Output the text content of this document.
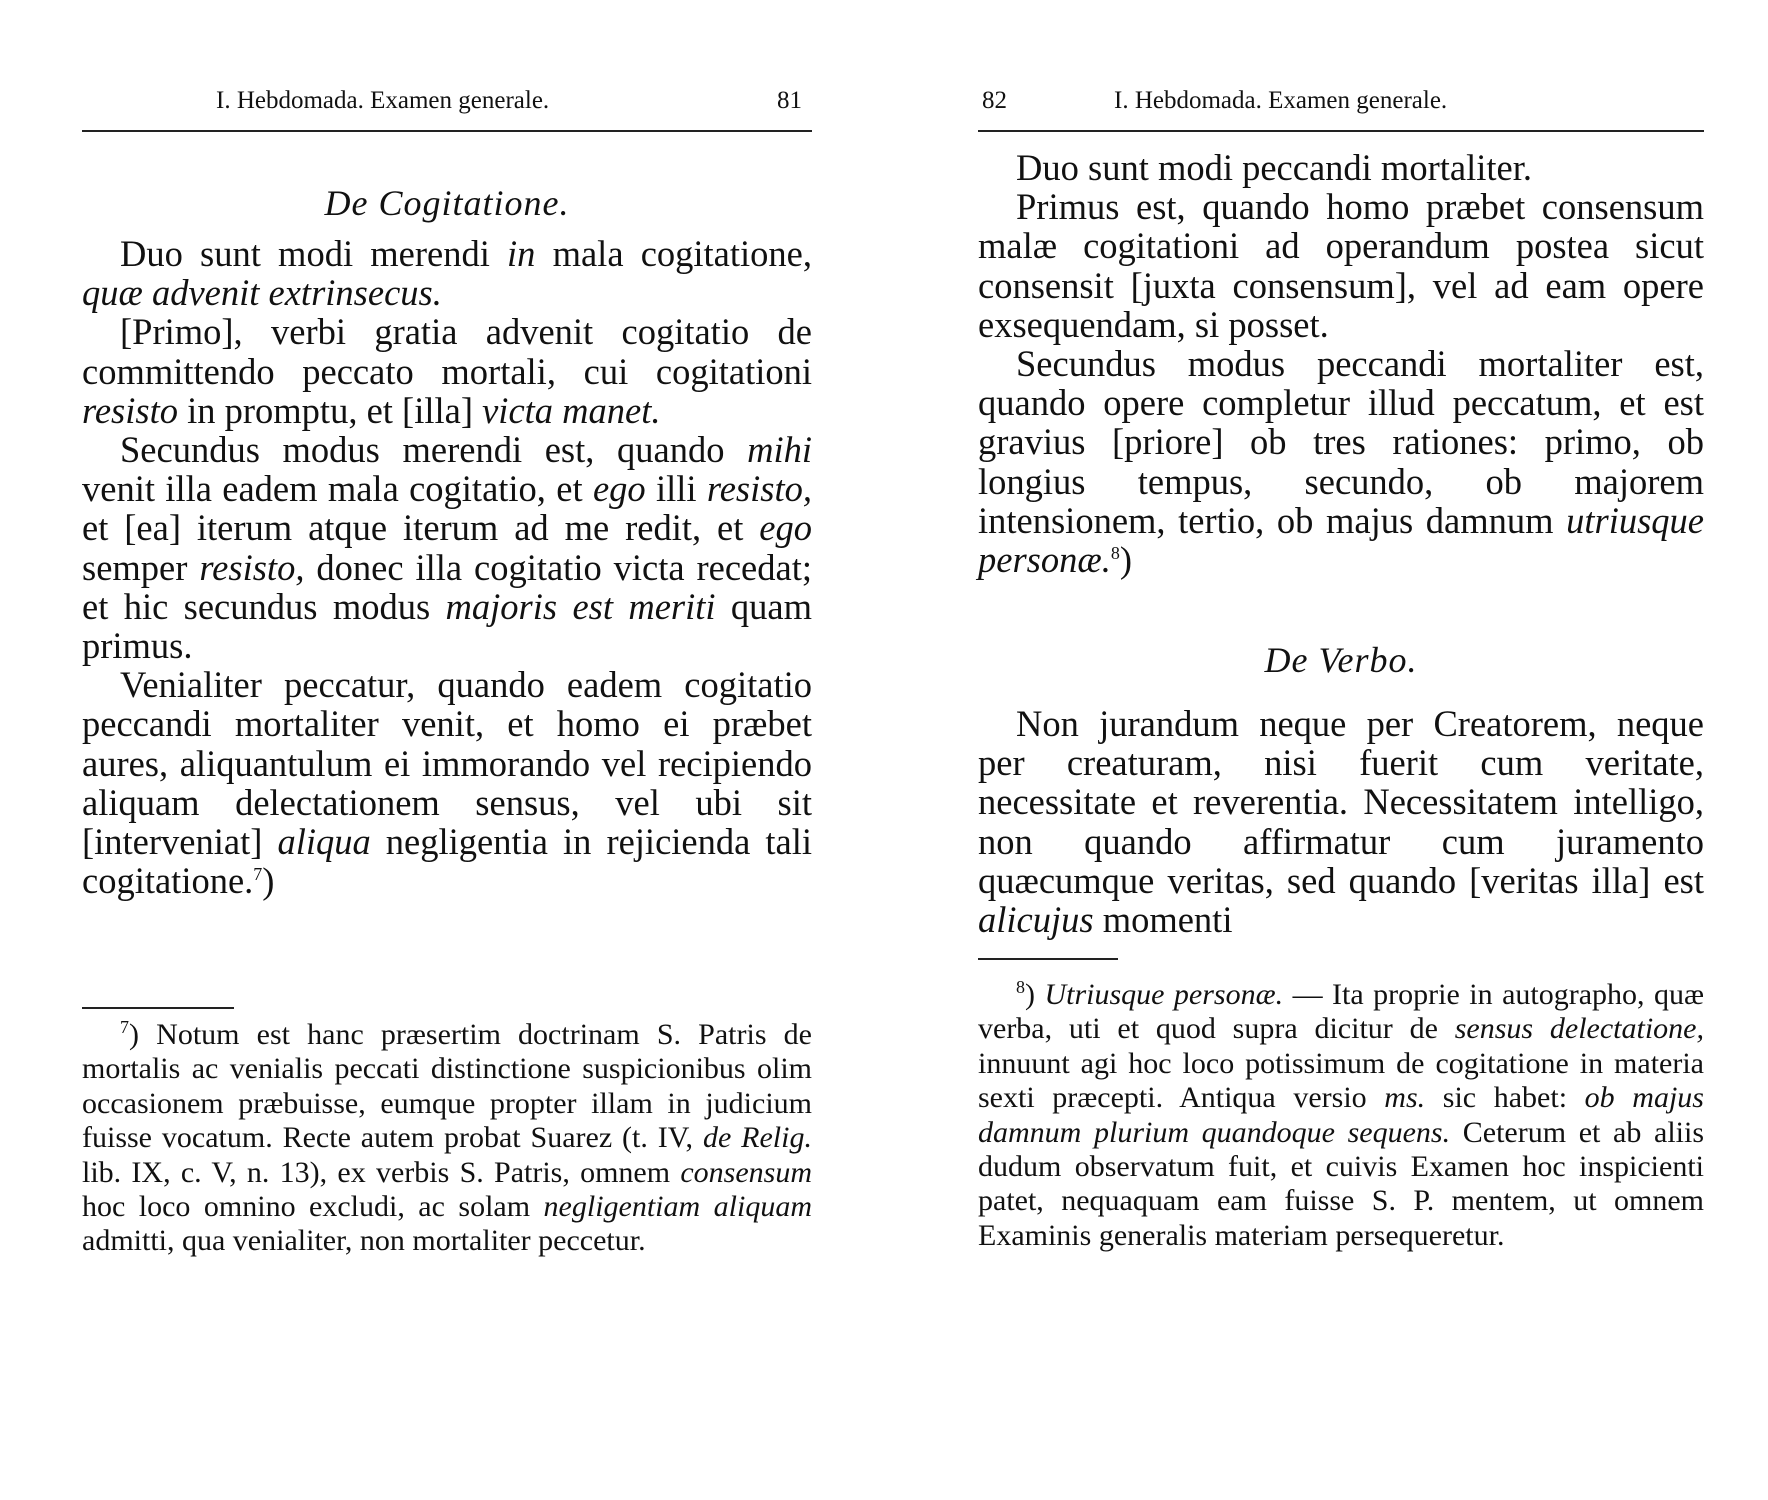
I. Hebdomada. Examen generale.	81
De Cogitatione.

Duo sunt modi merendi in mala cogitatione, quæ advenit extrinsecus.

[Primo], verbi gratia advenit cogitatio de committendo peccato mortali, cui cogitationi resisto in promptu, et [illa] victa manet.

Secundus modus merendi est, quando mihi venit illa eadem mala cogitatio, et ego illi resisto, et [ea] iterum atque iterum ad me redit, et ego semper resisto, donec illa cogitatio victa recedat; et hic secundus modus majoris est meriti quam primus.

Venialiter peccatur, quando eadem cogitatio peccandi mortaliter venit, et homo ei præbet aures, aliquantulum ei immorando vel recipiendo aliquam delectationem sensus, vel ubi sit [interveniat] aliqua negligentia in rejicienda tali cogitatione.$^7$)

$^7$) Notum est hanc præsertim doctrinam S. Patris de mortalis ac venialis peccati distinctione suspicionibus olim occasionem præbuisse, eumque propter illam in judicium fuisse vocatum. Recte autem probat Suarez (t. IV, de Relig. lib. IX, c. V, n. 13), ex verbis S. Patris, omnem consensum hoc loco omnino excludi, ac solam negligentiam aliquam admitti, qua venialiter, non mortaliter peccetur.

82	I. Hebdomada. Examen generale.

Duo sunt modi peccandi mortaliter.

Primus est, quando homo præbet consensum malæ cogitationi ad operandum postea sicut consensit [juxta consensum], vel ad eam opere exsequendam, si posset.

Secundus modus peccandi mortaliter est, quando opere completur illud peccatum, et est gravius [priore] ob tres rationes: primo, ob longius tempus, secundo, ob majorem intensionem, tertio, ob majus damnum utriusque personæ.$^8$)

De Verbo.

Non jurandum neque per Creatorem, neque per creaturam, nisi fuerit cum veritate, necessitate et reverentia. Necessitatem intelligo, non quando affirmatur cum juramento quæcumque veritas, sed quando [veritas illa] est alicujus momenti

$^8$) Utriusque personæ. — Ita proprie in autographo, quæ verba, uti et quod supra dicitur de sensus delectatione, innuunt agi hoc loco potissimum de cogitatione in materia sexti præcepti. Antiqua versio ms. sic habet: ob majus damnum plurium quandoque sequens. Ceterum et ab aliis dudum observatum fuit, et cuivis Examen hoc inspicienti patet, nequaquam eam fuisse S. P. mentem, ut omnem Examinis generalis materiam persequeretur.
